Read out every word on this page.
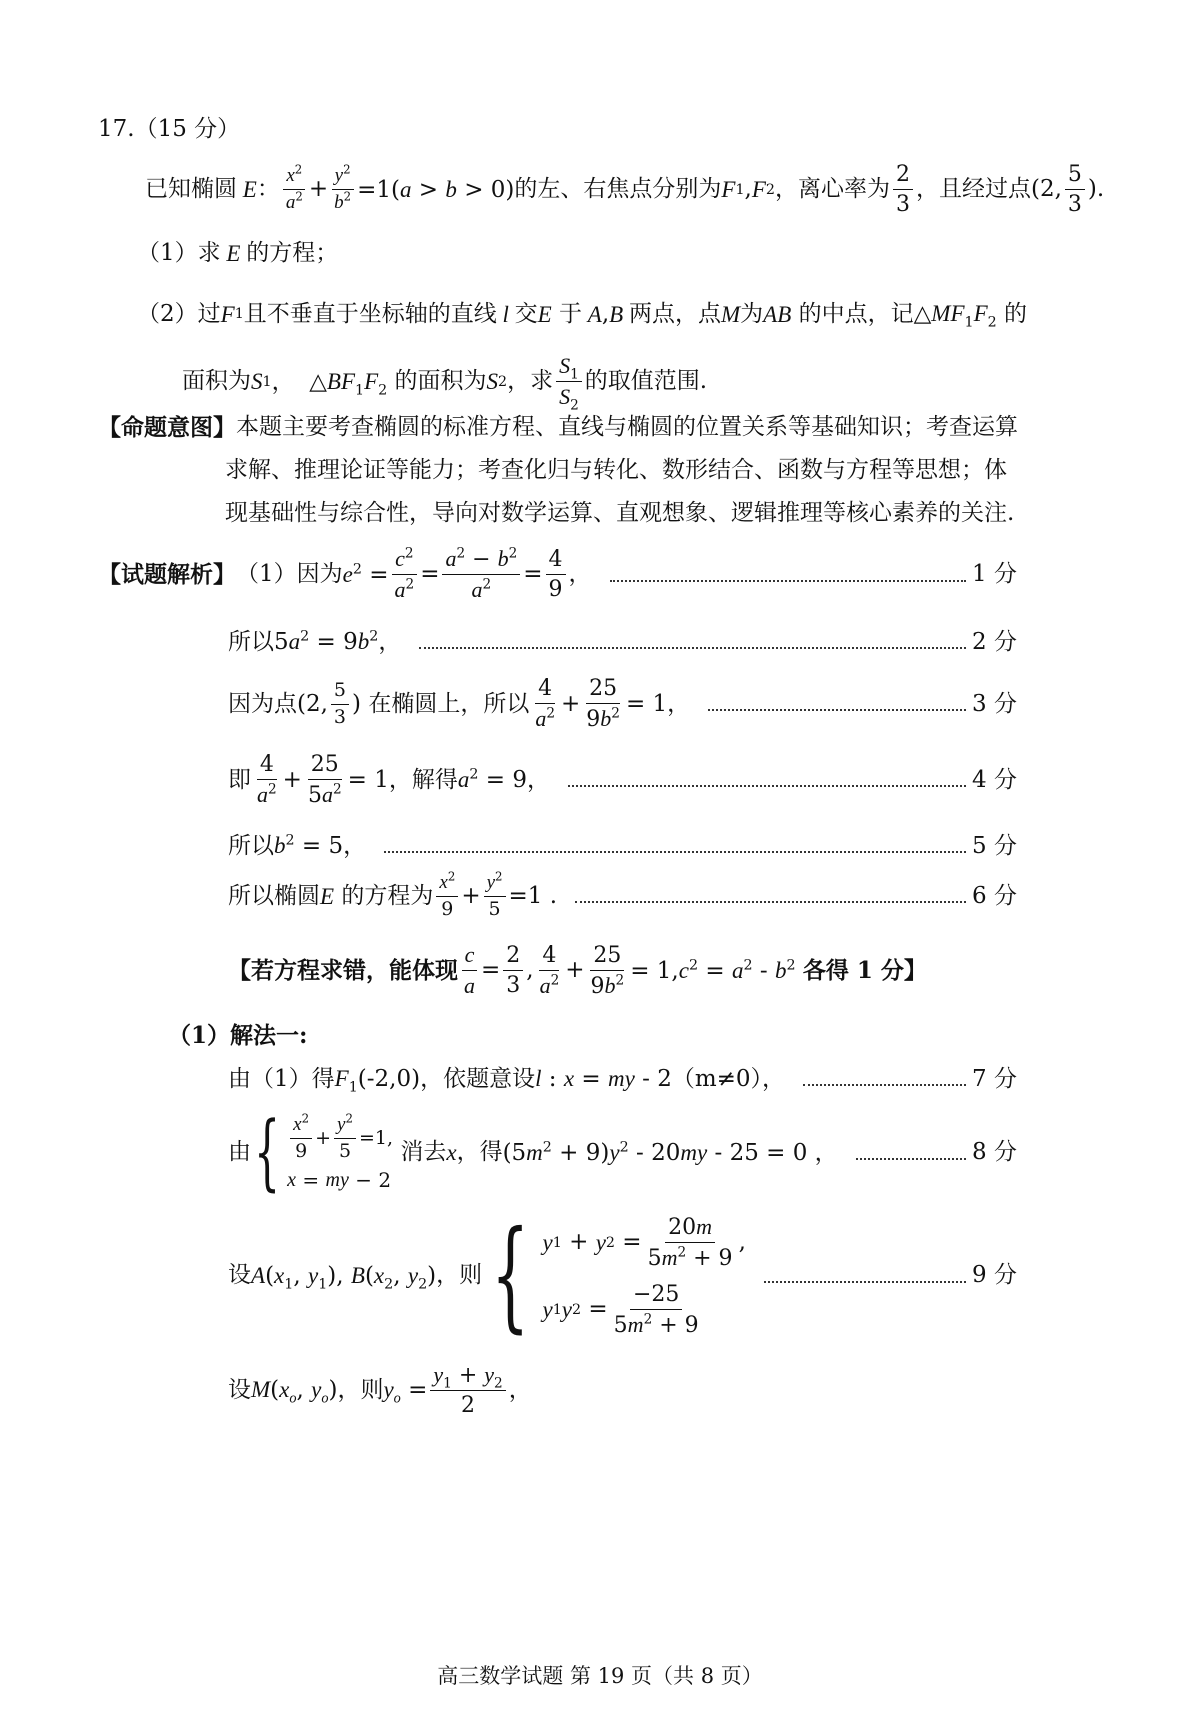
17.（15 分）
已知椭圆 E ： $\frac{x^2}{a^2} + \frac{y^2}{b^2} =1(a > b > 0)$ 的左、右焦点分别为 F 1 , F 2 ，离心率为 $\frac{2}{3}$ ，且经过点 (2, $\frac{5}{3}$ ).
（1）求 E 的方程；
（2）过 F 1 且不垂直于坐标轴的直线 l 交 E
于 A , B 两点，点 M 为 AB
的中点，记 $\triangle MF_1F_2$
的
面积为 S 1 ，  $\triangle BF_1F_2$ 的面积为 S 2 ，求 $\frac{S_1}{S_2}$ 的取值范围.
【命题意图】 本题主要考查椭圆的标准方程、直线与椭圆的位置关系等基础知识；考查运算
求解、推理论证等能力；考查化归与转化、数形结合、函数与方程等思想；体
现基础性与综合性，导向对数学运算、直观想象、逻辑推理等核心素养的关注.
【试题解析】 （1）因为 $e^2 = \frac{c^2}{a^2} = \frac{a^2 - b^2}{a^2} = \frac{4}{9}$ ，	1 分
所以 $5a^2 = 9b^2$，	2 分
因为点 (2, $\frac{5}{3}$ )
在椭圆上，所以 $\frac{4}{a^2} + \frac{25}{9b^2} = 1$，	3 分
即 $\frac{4}{a^2} + \frac{25}{5a^2} = 1$ ，解得 $a^2 = 9$，	4 分
所以 $b^2 = 5$，	5 分
所以椭圆 E
的方程为 $\frac{x^2}{9} + \frac{y^2}{5} =1$ .	6 分
【若方程求错，能体现 $\frac{c}{a} = \frac{2}{3}$ , $\frac{4}{a^2} + \frac{25}{9b^2} = 1,c^2 = a^2 - b^2$ 各得 1 分】
（1）解法一:
由（1）得 $F_1(-2,0)$ ，依题意设 l : x = my - 2 （m≠0），	7 分
由 { $\frac{x^2}{9} + \frac{y^2}{5} =1$,
x = my − 2

消去 x ，得 $(5m^2 + 9)y^2 - 20my - 25 = 0$ ，	8 分
设 $A(x_1$, $y_1$), $B(x_2$, $y_2$) ，则 { y 1 + y $2 = \frac{20m}{5m^2 + 9}$ ,
y 1 y $2 = \frac{-25}{5m^2 + 9}$
9 分
设 $M(x_o$, $y_o$) ，则 $y_o = \frac{y_1 + y_2}{2}$ ，
高三数学试题 第 19 页（共 8 页）
